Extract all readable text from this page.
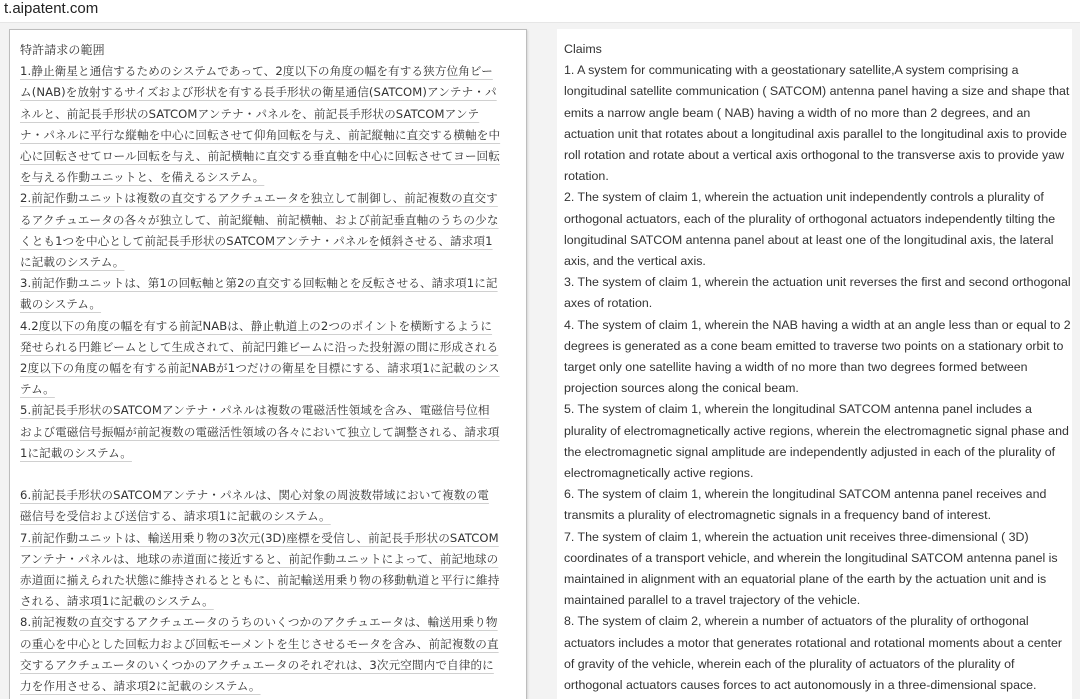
t.aipatent.com
特許請求の範囲
1.静止衛星と通信するためのシステムであって、2度以下の角度の幅を有する狭方位角ビー
ム(NAB)を放射するサイズおよび形状を有する長手形状の衛星通信(SATCOM)アンテナ・パ
ネルと、前記長手形状のSATCOMアンテナ・パネルを、前記長手形状のSATCOMアンテ
ナ・パネルに平行な縦軸を中心に回転させて仰角回転を与え、前記縦軸に直交する横軸を中
心に回転させてロール回転を与え、前記横軸に直交する垂直軸を中心に回転させてヨー回転
を与える作動ユニットと、を備えるシステム。
2.前記作動ユニットは複数の直交するアクチュエータを独立して制御し、前記複数の直交す
るアクチュエータの各々が独立して、前記縦軸、前記横軸、および前記垂直軸のうちの少な
くとも1つを中心として前記長手形状のSATCOMアンテナ・パネルを傾斜させる、請求項1
に記載のシステム。
3.前記作動ユニットは、第1の回転軸と第2の直交する回転軸とを反転させる、請求項1に記
載のシステム。
4.2度以下の角度の幅を有する前記NABは、静止軌道上の2つのポイントを横断するように
発せられる円錐ビームとして生成されて、前記円錐ビームに沿った投射源の間に形成される
2度以下の角度の幅を有する前記NABが1つだけの衛星を目標にする、請求項1に記載のシス
テム。
5.前記長手形状のSATCOMアンテナ・パネルは複数の電磁活性領域を含み、電磁信号位相
および電磁信号振幅が前記複数の電磁活性領域の各々において独立して調整される、請求項
1に記載のシステム。
6.前記長手形状のSATCOMアンテナ・パネルは、関心対象の周波数帯域において複数の電
磁信号を受信および送信する、請求項1に記載のシステム。
7.前記作動ユニットは、輸送用乗り物の3次元(3D)座標を受信し、前記長手形状のSATCOM
アンテナ・パネルは、地球の赤道面に接近すると、前記作動ユニットによって、前記地球の
赤道面に揃えられた状態に維持されるとともに、前記輸送用乗り物の移動軌道と平行に維持
される、請求項1に記載のシステム。
8.前記複数の直交するアクチュエータのうちのいくつかのアクチュエータは、輸送用乗り物
の重心を中心とした回転力および回転モーメントを生じさせるモータを含み、前記複数の直
交するアクチュエータのいくつかのアクチュエータのそれぞれは、3次元空間内で自律的に
力を作用させる、請求項2に記載のシステム。
Claims
1. A system for communicating with a geostationary satellite,A system comprising a
longitudinal satellite communication ( SATCOM) antenna panel having a size and shape that
emits a narrow angle beam ( NAB) having a width of no more than 2 degrees, and an
actuation unit that rotates about a longitudinal axis parallel to the longitudinal axis to provide
roll rotation and rotate about a vertical axis orthogonal to the transverse axis to provide yaw
rotation.
2. The system of claim 1, wherein the actuation unit independently controls a plurality of
orthogonal actuators, each of the plurality of orthogonal actuators independently tilting the
longitudinal SATCOM antenna panel about at least one of the longitudinal axis, the lateral
axis, and the vertical axis.
3. The system of claim 1, wherein the actuation unit reverses the first and second orthogonal
axes of rotation.
4. The system of claim 1, wherein the NAB having a width at an angle less than or equal to 2
degrees is generated as a cone beam emitted to traverse two points on a stationary orbit to
target only one satellite having a width of no more than two degrees formed between
projection sources along the conical beam.
5. The system of claim 1, wherein the longitudinal SATCOM antenna panel includes a
plurality of electromagnetically active regions, wherein the electromagnetic signal phase and
the electromagnetic signal amplitude are independently adjusted in each of the plurality of
electromagnetically active regions.
6. The system of claim 1, wherein the longitudinal SATCOM antenna panel receives and
transmits a plurality of electromagnetic signals in a frequency band of interest.
7. The system of claim 1, wherein the actuation unit receives three-dimensional ( 3D)
coordinates of a transport vehicle, and wherein the longitudinal SATCOM antenna panel is
maintained in alignment with an equatorial plane of the earth by the actuation unit and is
maintained parallel to a travel trajectory of the vehicle.
8. The system of claim 2, wherein a number of actuators of the plurality of orthogonal
actuators includes a motor that generates rotational and rotational moments about a center
of gravity of the vehicle, wherein each of the plurality of actuators of the plurality of
orthogonal actuators causes forces to act autonomously in a three-dimensional space.
